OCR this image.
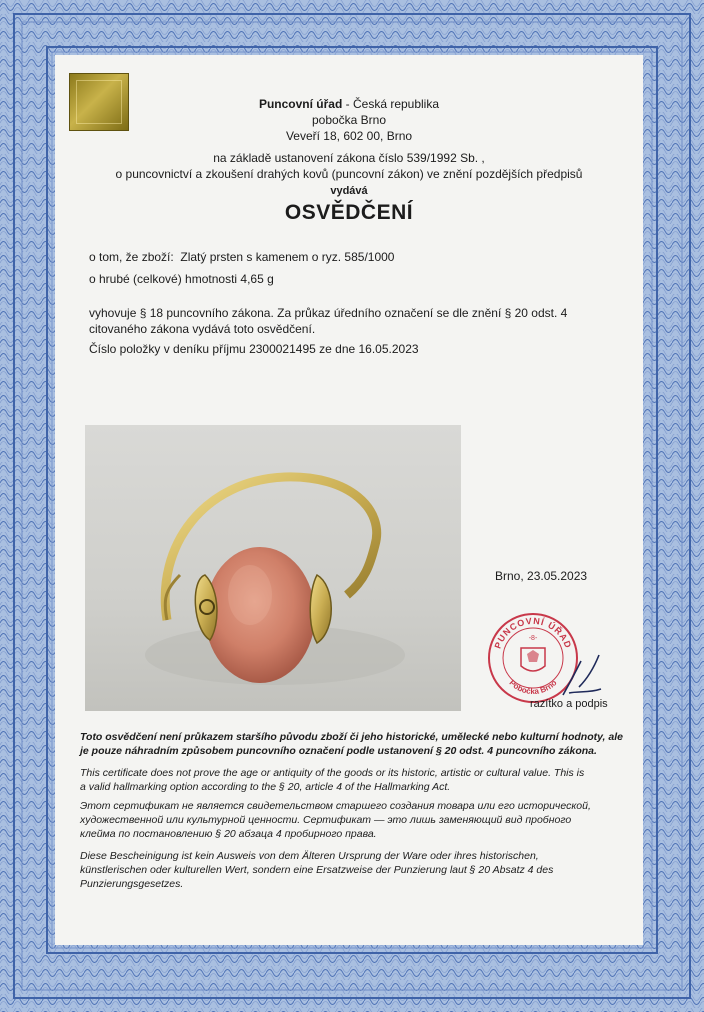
Puncovní úřad - Česká republika
pobočka Brno
Veveří 18, 602 00, Brno
na základě ustanovení zákona číslo 539/1992 Sb. ,
o puncovnictví a zkoušení drahých kovů (puncovní zákon) ve znění pozdějších předpisů
vydává
OSVĚDČENÍ
o tom, že zboží: Zlatý prsten s kamenem o ryz. 585/1000
o hrubé (celkové) hmotnosti 4,65 g
vyhovuje § 18 puncovního zákona. Za průkaz úředního označení se dle znění § 20 odst. 4
citovaného zákona vydává toto osvědčení.
Číslo položky v deníku příjmu 2300021495 ze dne 16.05.2023
Brno, 23.05.2023
PUNCOVNÍ ÚŘAD
-8-
Pobočka Brno
razítko a podpis
Toto osvědčení není průkazem staršího původu zboží či jeho historické, umělecké nebo kulturní hodnoty, ale
je pouze náhradním způsobem puncovního označení podle ustanovení § 20 odst. 4 puncovního zákona.
This certificate does not prove the age or antiquity of the goods or its historic, artistic or cultural value. This is
a valid hallmarking option according to the § 20, article 4 of the Hallmarking Act.
Этот сертификат не является свидетельством старшего создания товара или его исторической,
художественной или культурной ценности. Сертификат — это лишь заменяющий вид пробного
клейма по постановлению § 20 абзаца 4 пробирного права.
Diese Bescheinigung ist kein Ausweis von dem Älteren Ursprung der Ware oder ihres historischen,
künstlerischen oder kulturellen Wert, sondern eine Ersatzweise der Punzierung laut § 20 Absatz 4 des
Punzierungsgesetzes.
